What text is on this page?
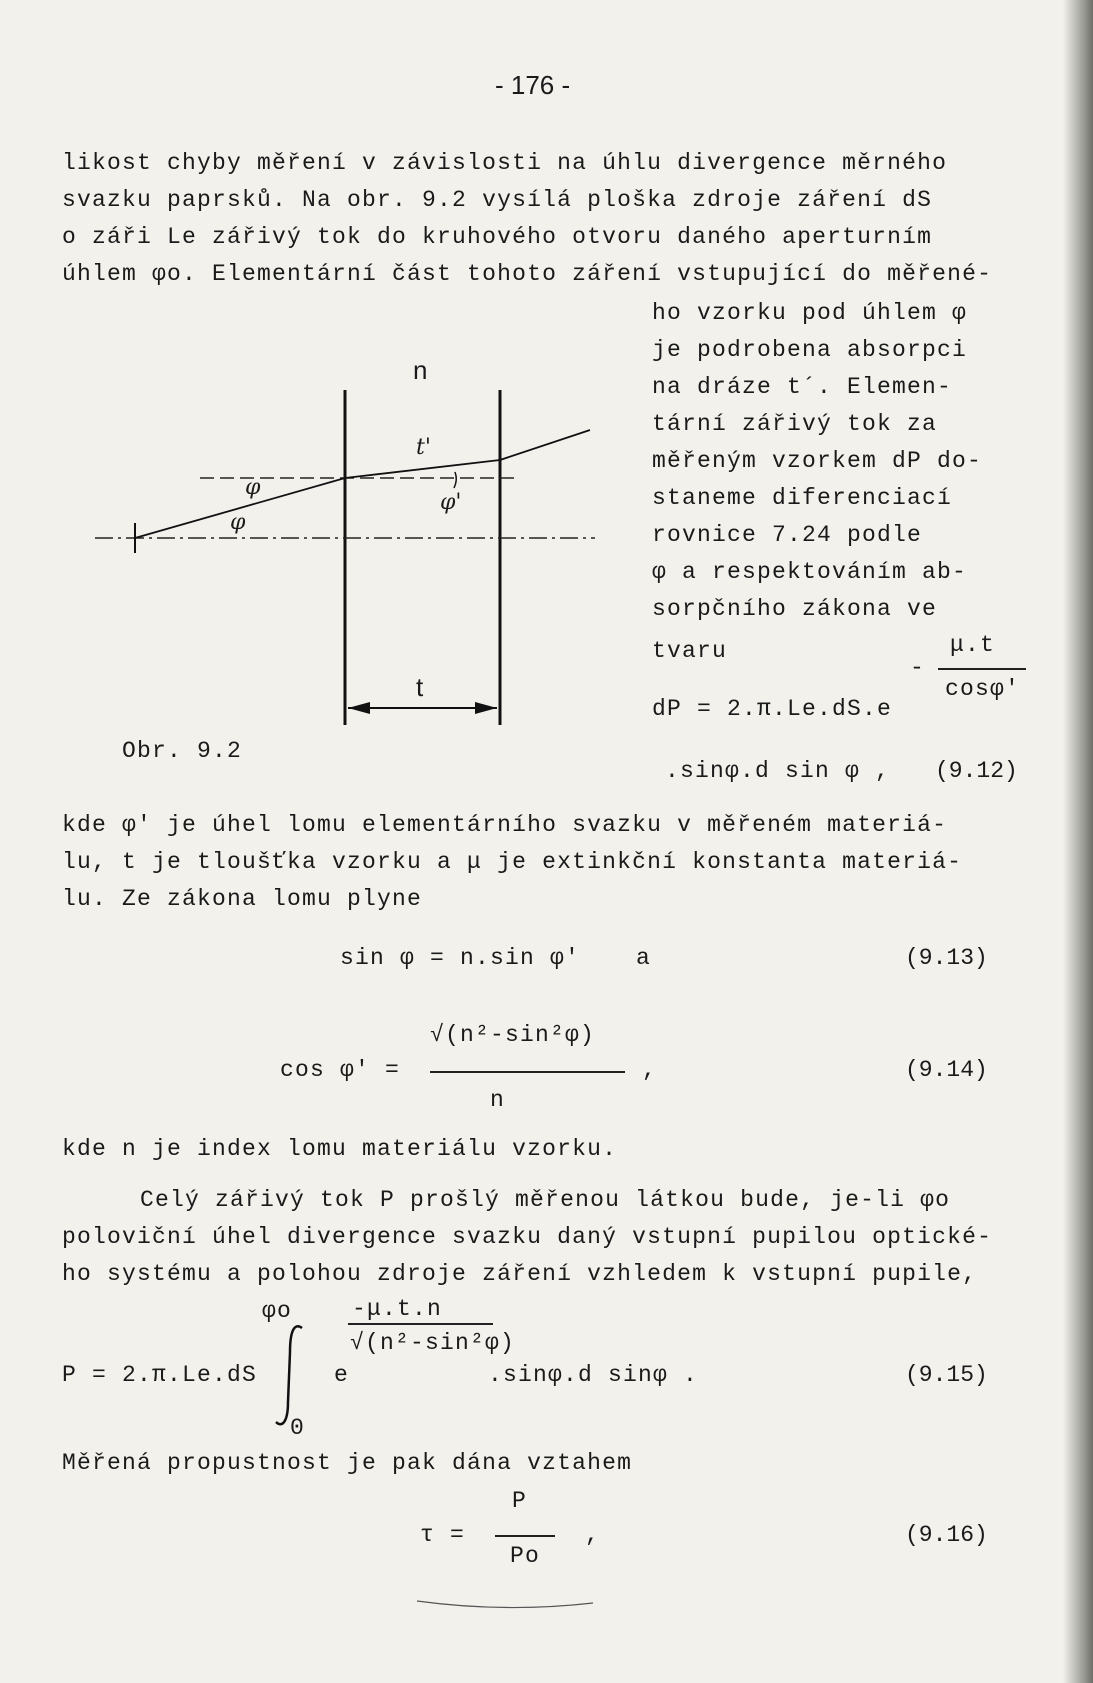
- 176 -
likost chyby měření v závislosti na úhlu divergence měrného
svazku paprsků. Na obr. 9.2 vysílá ploška zdroje záření dS
o záři Le zářivý tok do kruhového otvoru daného aperturním
úhlem φo. Elementární část tohoto záření vstupující do měřené-
ho vzorku pod úhlem φ
je podrobena absorpci
na dráze t´. Elemen-
tární zářivý tok za
měřeným vzorkem dP do-
staneme diferenciací
rovnice 7.24 podle
φ a respektováním ab-
sorpčního zákona ve
tvaru
n
t'
φ
φ
φ'
t
Obr. 9.2
μ.t
-
cosφ'
dP = 2.π.Le.dS.e
.sinφ.d sin φ , (9.12)
kde φ' je úhel lomu elementárního svazku v měřeném materiá-
lu, t je tloušťka vzorku a μ je extinkční konstanta materiá-
lu. Ze zákona lomu plyne
sin φ = n.sin φ' a	(9.13)
√(n²-sin²φ)
cos φ' =
n
,	(9.14)
kde n je index lomu materiálu vzorku.
Celý zářivý tok P prošlý měřenou látkou bude, je-li φo
poloviční úhel divergence svazku daný vstupní pupilou optické-
ho systému a polohou zdroje záření vzhledem k vstupní pupile,
φo	-μ.t.n
√(n²-sin²φ)
P = 2.π.Le.dS	e	.sinφ.d sinφ .	(9.15)
0
Měřená propustnost je pak dána vztahem
P
τ =
Po
,	(9.16)
